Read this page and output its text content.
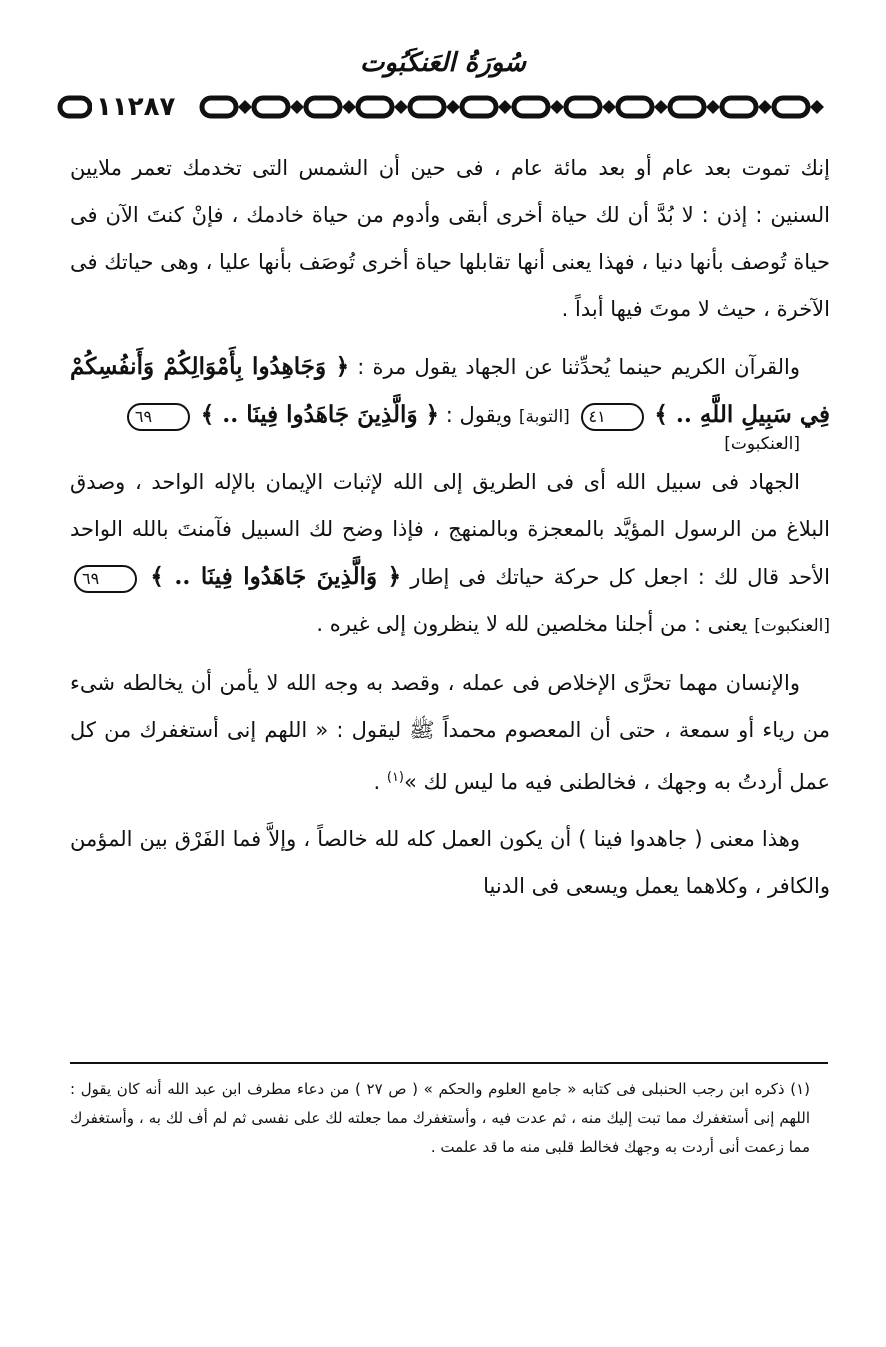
سُورَةُ العَنكَبُوت
١١٢٨٧

إنك تموت بعد عام أو بعد مائة عام ، فى حين أن الشمس التى تخدمك تعمر ملايين السنين : إذن : لا بُدَّ أن لك حياة أخرى أبقى وأدوم من حياة خادمك ، فإنْ كنتَ الآن فى حياة تُوصف بأنها دنيا ، فهذا يعنى أنها تقابلها حياة أخرى تُوصَف بأنها عليا ، وهى حياتك فى الآخرة ، حيث لا موتَ فيها أبداً .

والقرآن الكريم حينما يُحدِّثنا عن الجهاد يقول مرة : ﴿ وَجَاهِدُوا بِأَمْوَالِكُمْ وَأَنفُسِكُمْ فِي سَبِيلِ اللَّهِ .. ﴾ ٤١ [التوبة] ويقول : ﴿ وَالَّذِينَ جَاهَدُوا فِينَا .. ﴾ ٦٩
[العنكبوت]

الجهاد فى سبيل الله أى فى الطريق إلى الله لإثبات الإيمان بالإله الواحد ، وصدق البلاغ من الرسول المؤيَّد بالمعجزة وبالمنهج ، فإذا وضح لك السبيل فآمنتَ بالله الواحد الأحد قال لك : اجعل كل حركة حياتك فى إطار ﴿ وَالَّذِينَ جَاهَدُوا فِينَا .. ﴾ ٦٩ [العنكبوت] يعنى : من أجلنا مخلصين لله لا ينظرون إلى غيره .

والإنسان مهما تحرَّى الإخلاص فى عمله ، وقصد به وجه الله لا يأمن أن يخالطه شىء من رياء أو سمعة ، حتى أن المعصوم محمداً ﷺ ليقول : « اللهم إنى أستغفرك من كل عمل أردتُ به وجهك ، فخالطنى فيه ما ليس لك »$^{(١)}$ .

وهذا معنى ( جاهدوا فينا ) أن يكون العمل كله لله خالصاً ، وإلاَّ فما الفَرْق بين المؤمن والكافر ، وكلاهما يعمل ويسعى فى الدنيا

(١) ذكره ابن رجب الحنبلى فى كتابه « جامع العلوم والحكم » ( ص ٢٧ ) من دعاء مطرف ابن عبد الله أنه كان يقول : اللهم إنى أستغفرك مما تبت إليك منه ، ثم عدت فيه ، وأستغفرك مما جعلته لك على نفسى ثم لم أف لك به ، وأستغفرك مما زعمت أنى أردت به وجهك فخالط قلبى منه ما قد علمت .
